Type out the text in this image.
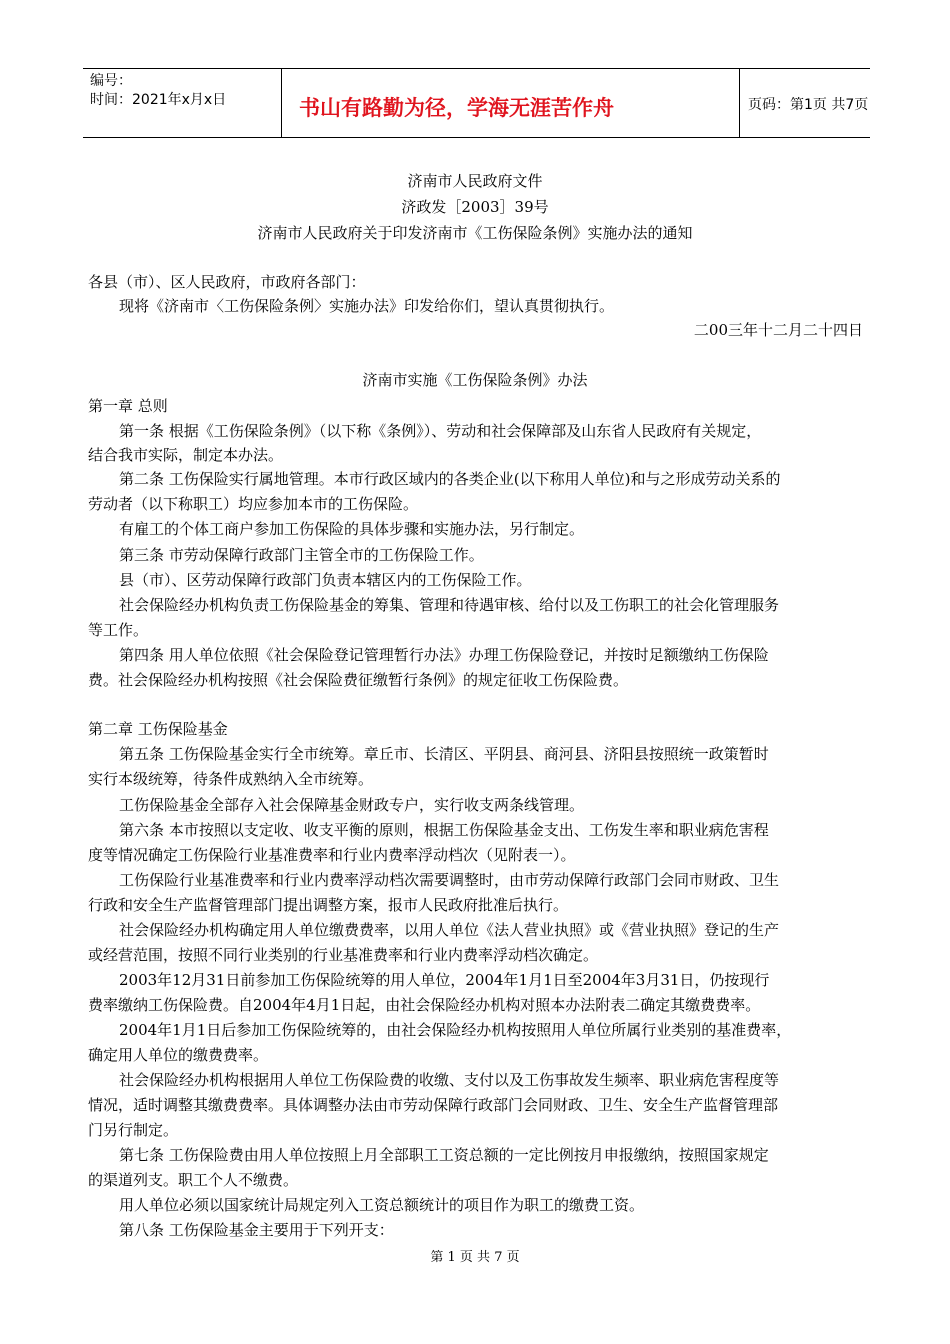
编号：
时间：2021年x月x日	书山有路勤为径，学海无涯苦作舟	页码：第1页 共7页
济南市人民政府文件
济政发［2003］39号
济南市人民政府关于印发济南市《工伤保险条例》实施办法的通知
各县（市）、区人民政府，市政府各部门：
现将《济南市〈工伤保险条例〉实施办法》印发给你们，望认真贯彻执行。
二00三年十二月二十四日
济南市实施《工伤保险条例》办法
第一章 总则
第一条 根据《工伤保险条例》（以下称《条例》）、劳动和社会保障部及山东省人民政府有关规定，
结合我市实际，制定本办法。
第二条 工伤保险实行属地管理。本市行政区域内的各类企业(以下称用人单位)和与之形成劳动关系的
劳动者（以下称职工）均应参加本市的工伤保险。
有雇工的个体工商户参加工伤保险的具体步骤和实施办法，另行制定。
第三条 市劳动保障行政部门主管全市的工伤保险工作。
县（市）、区劳动保障行政部门负责本辖区内的工伤保险工作。
社会保险经办机构负责工伤保险基金的筹集、管理和待遇审核、给付以及工伤职工的社会化管理服务
等工作。
第四条 用人单位依照《社会保险登记管理暂行办法》办理工伤保险登记，并按时足额缴纳工伤保险
费。社会保险经办机构按照《社会保险费征缴暂行条例》的规定征收工伤保险费。
第二章 工伤保险基金
第五条 工伤保险基金实行全市统筹。章丘市、长清区、平阴县、商河县、济阳县按照统一政策暂时
实行本级统筹，待条件成熟纳入全市统筹。
工伤保险基金全部存入社会保障基金财政专户，实行收支两条线管理。
第六条 本市按照以支定收、收支平衡的原则，根据工伤保险基金支出、工伤发生率和职业病危害程
度等情况确定工伤保险行业基准费率和行业内费率浮动档次（见附表一）。
工伤保险行业基准费率和行业内费率浮动档次需要调整时，由市劳动保障行政部门会同市财政、卫生
行政和安全生产监督管理部门提出调整方案，报市人民政府批准后执行。
社会保险经办机构确定用人单位缴费费率，以用人单位《法人营业执照》或《营业执照》登记的生产
或经营范围，按照不同行业类别的行业基准费率和行业内费率浮动档次确定。
2003年12月31日前参加工伤保险统筹的用人单位，2004年1月1日至2004年3月31日，仍按现行
费率缴纳工伤保险费。自2004年4月1日起，由社会保险经办机构对照本办法附表二确定其缴费费率。
2004年1月1日后参加工伤保险统筹的，由社会保险经办机构按照用人单位所属行业类别的基准费率，
确定用人单位的缴费费率。
社会保险经办机构根据用人单位工伤保险费的收缴、支付以及工伤事故发生频率、职业病危害程度等
情况，适时调整其缴费费率。具体调整办法由市劳动保障行政部门会同财政、卫生、安全生产监督管理部
门另行制定。
第七条 工伤保险费由用人单位按照上月全部职工工资总额的一定比例按月申报缴纳，按照国家规定
的渠道列支。职工个人不缴费。
用人单位必须以国家统计局规定列入工资总额统计的项目作为职工的缴费工资。
第八条 工伤保险基金主要用于下列开支：
第 1 页 共 7 页
